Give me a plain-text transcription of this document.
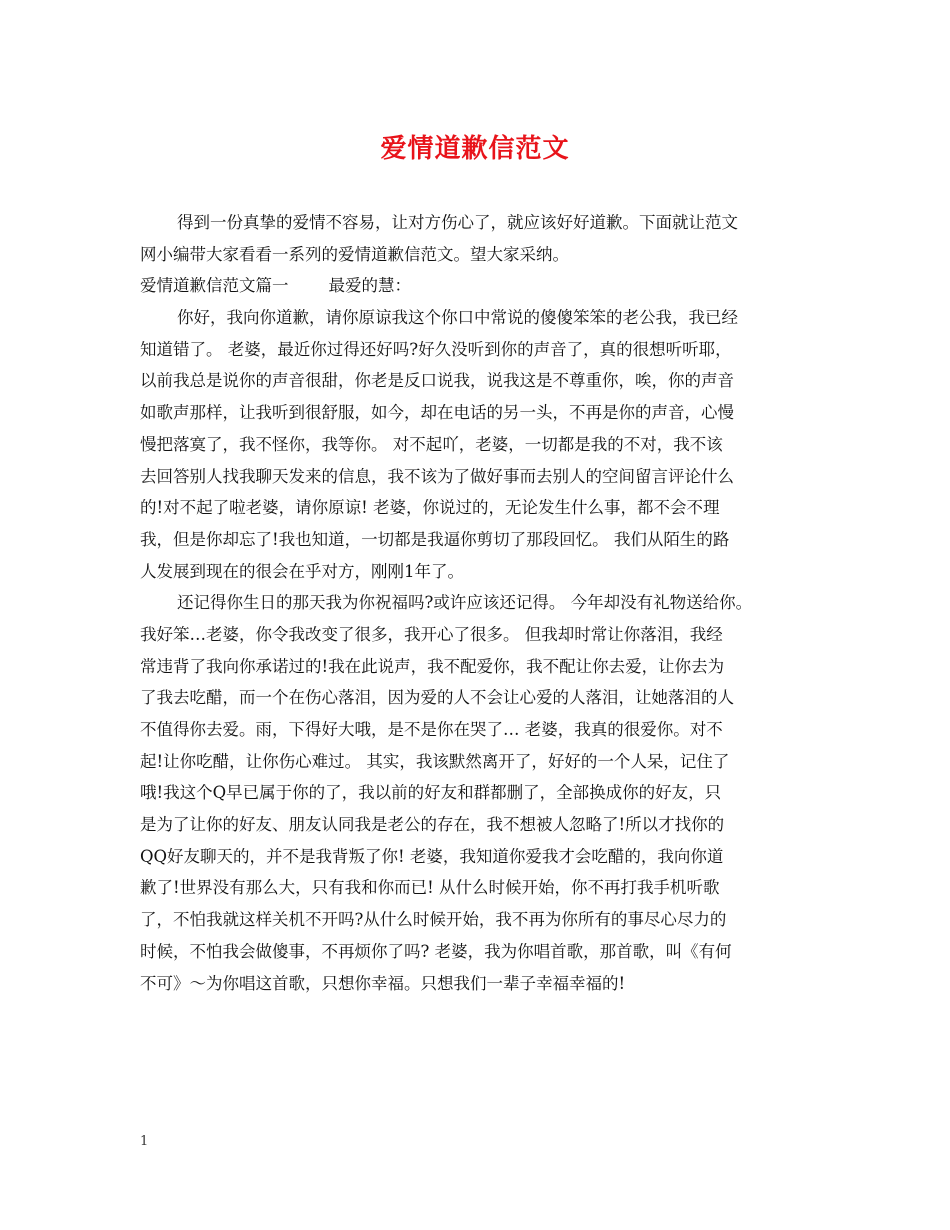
爱情道歉信范文
得到一份真挚的爱情不容易，让对方伤心了，就应该好好道歉。下面就让范文
网小编带大家看看一系列的爱情道歉信范文。望大家采纳。
爱情道歉信范文篇一 最爱的慧：
你好，我向你道歉，请你原谅我这个你口中常说的傻傻笨笨的老公我，我已经
知道错了。 老婆，最近你过得还好吗?好久没听到你的声音了，真的很想听听耶，
以前我总是说你的声音很甜，你老是反口说我，说我这是不尊重你，唉，你的声音
如歌声那样，让我听到很舒服，如今，却在电话的另一头，不再是你的声音，心慢
慢把落寞了，我不怪你，我等你。 对不起吖，老婆，一切都是我的不对，我不该
去回答别人找我聊天发来的信息，我不该为了做好事而去别人的空间留言评论什么
的!对不起了啦老婆，请你原谅! 老婆，你说过的，无论发生什么事，都不会不理
我，但是你却忘了!我也知道，一切都是我逼你剪切了那段回忆。 我们从陌生的路
人发展到现在的很会在乎对方，刚刚1年了。
还记得你生日的那天我为你祝福吗?或许应该还记得。 今年却没有礼物送给你。
我好笨…老婆，你令我改变了很多，我开心了很多。 但我却时常让你落泪，我经
常违背了我向你承诺过的!我在此说声，我不配爱你，我不配让你去爱，让你去为
了我去吃醋，而一个在伤心落泪，因为爱的人不会让心爱的人落泪，让她落泪的人
不值得你去爱。雨，下得好大哦，是不是你在哭了… 老婆，我真的很爱你。对不
起!让你吃醋，让你伤心难过。 其实，我该默然离开了，好好的一个人呆，记住了
哦!我这个Q早已属于你的了，我以前的好友和群都删了，全部换成你的好友，只
是为了让你的好友、朋友认同我是老公的存在，我不想被人忽略了!所以才找你的
QQ好友聊天的，并不是我背叛了你! 老婆，我知道你爱我才会吃醋的，我向你道
歉了!世界没有那么大，只有我和你而已! 从什么时候开始，你不再打我手机听歌
了，不怕我就这样关机不开吗?从什么时候开始，我不再为你所有的事尽心尽力的
时候，不怕我会做傻事，不再烦你了吗? 老婆，我为你唱首歌，那首歌，叫《有何
不可》～为你唱这首歌，只想你幸福。只想我们一辈子幸福幸福的!
1
